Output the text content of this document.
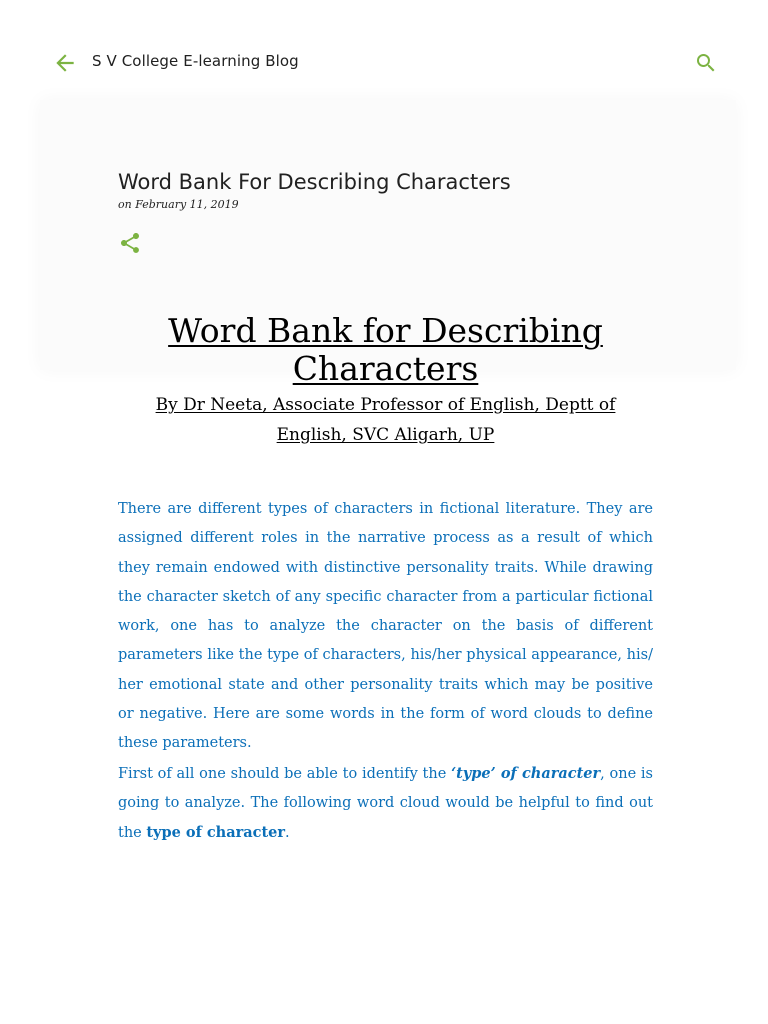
S V College E-learning Blog
Word Bank For Describing Characters
on February 11, 2019
Word Bank for Describing Characters

By Dr Neeta, Associate Professor of English, Deptt of English, SVC Aligarh, UP

There are different types of characters in fictional literature. They are assigned different roles in the narrative process as a result of which they remain endowed with distinctive personality traits. While drawing the character sketch of any specific character from a particular fictional work, one has to analyze the character on the basis of different parameters like the type of characters, his/her physical appearance, his/ her emotional state and other personality traits which may be positive or negative. Here are some words in the form of word clouds to define these parameters.

First of all one should be able to identify the ‘type’ of character, one is going to analyze. The following word cloud would be helpful to find out the type of character.
